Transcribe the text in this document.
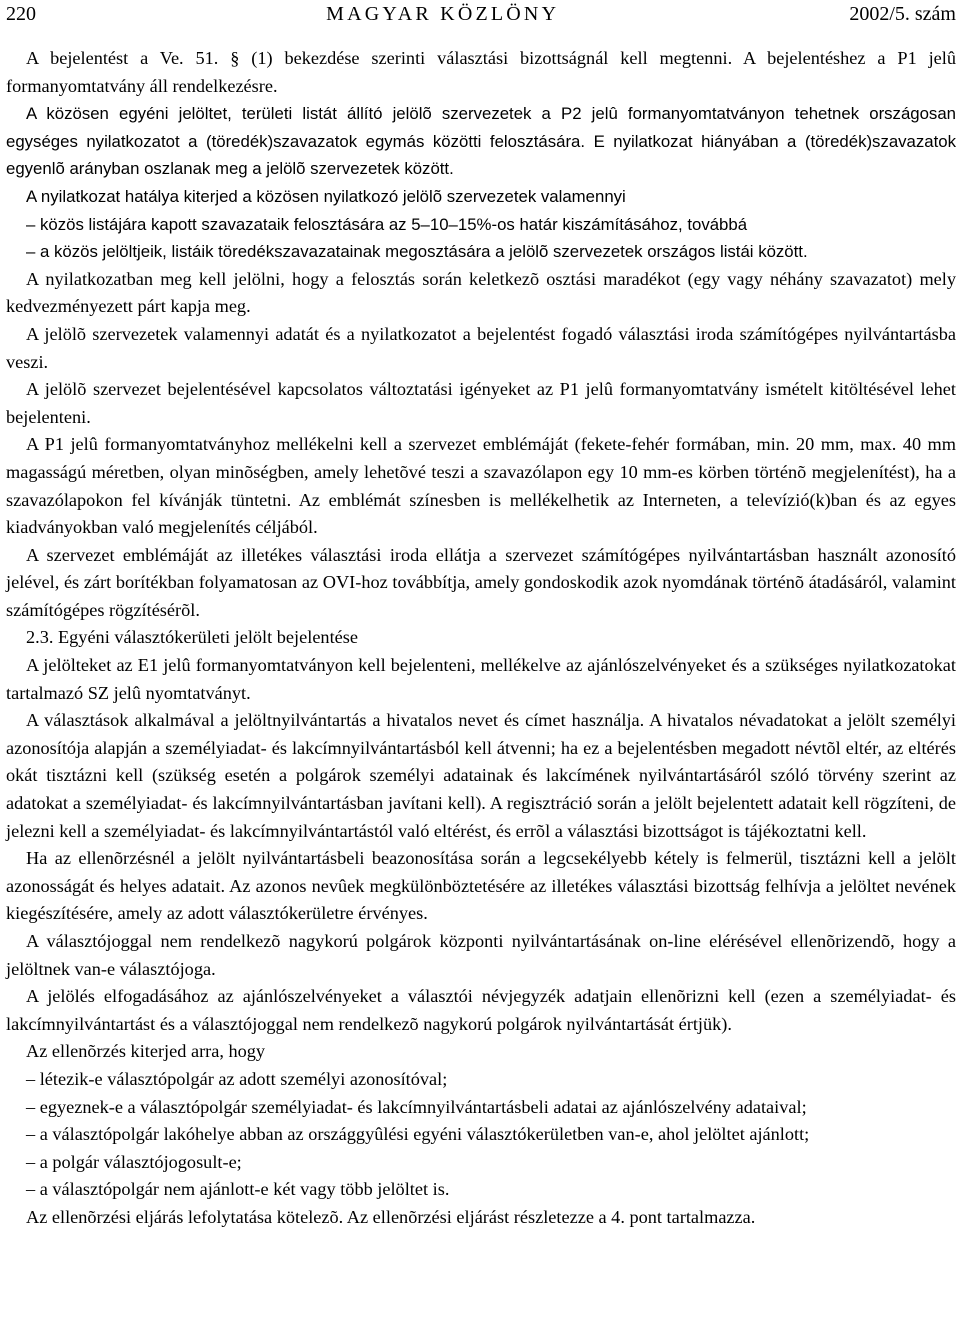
220	MAGYAR KÖZLÖNY	2002/5. szám

A bejelentést a Ve. 51. § (1) bekezdése szerinti választási bizottságnál kell megtenni. A bejelentéshez a P1 jelû formanyomtatvány áll rendelkezésre.

A közösen egyéni jelöltet, területi listát állító jelölõ szervezetek a P2 jelû formanyomtatványon tehetnek országosan egységes nyilatkozatot a (töredék)szavazatok egymás közötti felosztására. E nyilatkozat hiányában a (töredék)szavazatok egyenlõ arányban oszlanak meg a jelölõ szervezetek között.

A nyilatkozat hatálya kiterjed a közösen nyilatkozó jelölõ szervezetek valamennyi

– közös listájára kapott szavazataik felosztására az 5–10–15%-os határ kiszámításához, továbbá

– a közös jelöltjeik, listáik töredékszavazatainak megosztására a jelölõ szervezetek országos listái között.

A nyilatkozatban meg kell jelölni, hogy a felosztás során keletkezõ osztási maradékot (egy vagy néhány szavazatot) mely kedvezményezett párt kapja meg.

A jelölõ szervezetek valamennyi adatát és a nyilatkozatot a bejelentést fogadó választási iroda számítógépes nyilvántartásba veszi.

A jelölõ szervezet bejelentésével kapcsolatos változtatási igényeket az P1 jelû formanyomtatvány ismételt kitöltésével lehet bejelenteni.

A P1 jelû formanyomtatványhoz mellékelni kell a szervezet emblémáját (fekete-fehér formában, min. 20 mm, max. 40 mm magasságú méretben, olyan minõségben, amely lehetõvé teszi a szavazólapon egy 10 mm-es körben történõ megjelenítést), ha a szavazólapokon fel kívánják tüntetni. Az emblémát színesben is mellékelhetik az Interneten, a televízió(k)ban és az egyes kiadványokban való megjelenítés céljából.

A szervezet emblémáját az illetékes választási iroda ellátja a szervezet számítógépes nyilvántartásban használt azonosító jelével, és zárt borítékban folyamatosan az OVI-hoz továbbítja, amely gondoskodik azok nyomdának történõ átadásáról, valamint számítógépes rögzítésérõl.

2.3. Egyéni választókerületi jelölt bejelentése

A jelölteket az E1 jelû formanyomtatványon kell bejelenteni, mellékelve az ajánlószelvényeket és a szükséges nyilatkozatokat tartalmazó SZ jelû nyomtatványt.

A választások alkalmával a jelöltnyilvántartás a hivatalos nevet és címet használja. A hivatalos névadatokat a jelölt személyi azonosítója alapján a személyiadat- és lakcímnyilvántartásból kell átvenni; ha ez a bejelentésben megadott névtõl eltér, az eltérés okát tisztázni kell (szükség esetén a polgárok személyi adatainak és lakcímének nyilvántartásáról szóló törvény szerint az adatokat a személyiadat- és lakcímnyilvántartásban javítani kell). A regisztráció során a jelölt bejelentett adatait kell rögzíteni, de jelezni kell a személyiadat- és lakcímnyilvántartástól való eltérést, és errõl a választási bizottságot is tájékoztatni kell.

Ha az ellenõrzésnél a jelölt nyilvántartásbeli beazonosítása során a legcsekélyebb kétely is felmerül, tisztázni kell a jelölt azonosságát és helyes adatait. Az azonos nevûek megkülönböztetésére az illetékes választási bizottság felhívja a jelöltet nevének kiegészítésére, amely az adott választókerületre érvényes.

A választójoggal nem rendelkezõ nagykorú polgárok központi nyilvántartásának on-line elérésével ellenõrizendõ, hogy a jelöltnek van-e választójoga.

A jelölés elfogadásához az ajánlószelvényeket a választói névjegyzék adatjain ellenõrizni kell (ezen a személyiadat- és lakcímnyilvántartást és a választójoggal nem rendelkezõ nagykorú polgárok nyilvántartását értjük).

Az ellenõrzés kiterjed arra, hogy

– létezik-e választópolgár az adott személyi azonosítóval;

– egyeznek-e a választópolgár személyiadat- és lakcímnyilvántartásbeli adatai az ajánlószelvény adataival;

– a választópolgár lakóhelye abban az országgyûlési egyéni választókerületben van-e, ahol jelöltet ajánlott;

– a polgár választójogosult-e;

– a választópolgár nem ajánlott-e két vagy több jelöltet is.

Az ellenõrzési eljárás lefolytatása kötelezõ. Az ellenõrzési eljárást részletezze a 4. pont tartalmazza.
